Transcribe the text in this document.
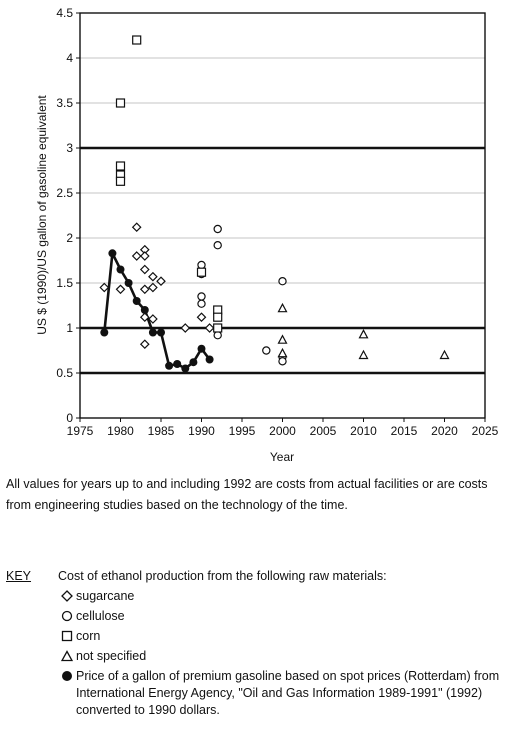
0
0.5
1
1.5
2
2.5
3
3.5
4
4.5
1975 1980 1985 1990 1995 2000 2005 2010 2015 2020 2025
Year
US $ (1990)/US gallon of gasoline equivalent

All values for years up to and including 1992 are costs from actual facilities or are costs from engineering studies based on the technology of the time.

KEY	Cost of ethanol production from the following raw materials:
sugarcane
cellulose
corn
not specified
Price of a gallon of premium gasoline based on spot prices (Rotterdam) from International Energy Agency, "Oil and Gas Information 1989-1991" (1992) converted to 1990 dollars.
